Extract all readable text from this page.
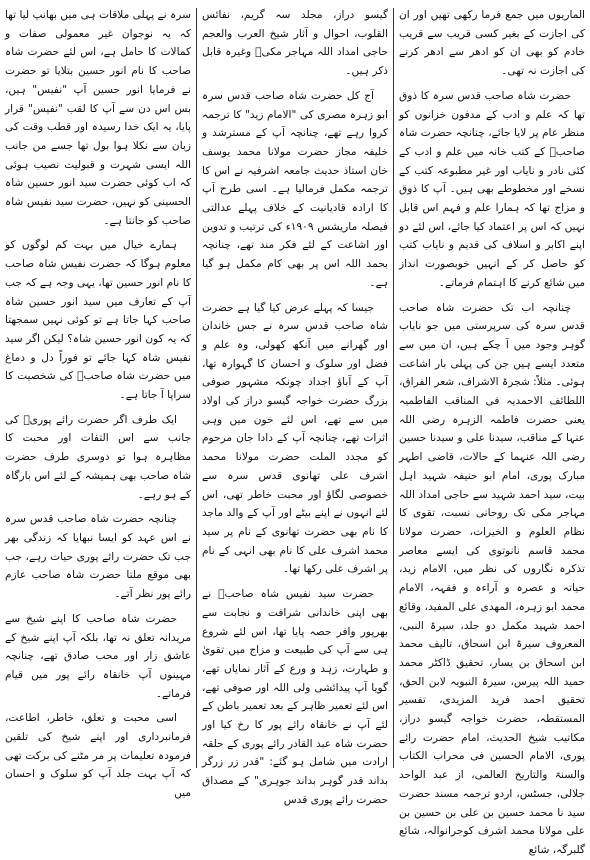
الماریوں میں جمع فرما رکھی تھیں اور ان کی اجازت کے بغیر کسی قریب سے قریب خادم کو بھی ان کو ادھر سے ادھر کرنے کی اجازت نہ تھی۔

حضرت شاہ صاحب قدس سرہ کا ذوق تھا کہ علم و ادب کے مدفون خزانوں کو منظر عام پر لایا جائے، چنانچہ حضرت شاہ صاحبؒ کے کتب خانہ میں علم و ادب کے کئی نادر و نایاب اور غیر مطبوعہ کتب کے نسخے اور مخطوطے بھی ہیں۔ آپ کا ذوق و مزاج تھا کہ ہمارا علم و فہم اس قابل نہیں کہ اس پر اعتماد کیا جائے، اس لئے دو اپنے اکابر و اسلاف کی قدیم و نایاب کتب کو حاصل کر کے انہیں خوبصورت انداز میں شائع کرنے کا اہتمام فرماتے۔

چنانچہ اب تک حضرت شاہ صاحب قدس سرہ کی سرپرستی میں جو نایاب گوہر وجود میں آ چکے ہیں، ان میں سے متعدد ایسے ہیں جن کی پہلی بار اشاعت ہوئی۔ مثلاً: شجرۃ الاشراف، شعر الفراق، اللطائف الاحمدیہ فی المناقب الفاطمیہ یعنی حضرت فاطمہ الزہرہ رضی اللہ عنہا کے مناقب، سیدنا علی و سیدنا حسین رضی اللہ عنہما کے حالات، قاضی اطہر مبارک پوری، امام ابو حنیفہ شہید اہل بیت، سید احمد شہید سے حاجی امداد اللہ مہاجر مکی تک روحانی نسبت، تقوی کا نظام العلوم و الخیرات، حضرت مولانا محمد قاسم نانوتوی کی ایسے معاصر تذکرہ نگاروں کی نظر میں، الامام زید، حیاتہ و عصرہ و آراءہ و فقہہ، الامام محمد ابو زہرہ، المهدی علی المفید، وقائع احمد شہید مکمل دو جلد، سیرۃ النبی، المعروف سیرۃ ابن اسحاق، تالیف محمد ابن اسحاق بن یسار، تحقیق ڈاکٹر محمد حمید اللہ پیرس، سیرۃ النبویہ لابن الحق، تحقیق احمد فرید المزیدی، تفسیر المستقطہ، حضرت خواجہ گیسو دراز، مکاتیب شیخ الحدیث، امام حضرت رائے پوری، الامام الحسین فی محراب الکتاب والسنۃ والتاریخ العالمی، از عبد الواحد جلالی، جسٹس، اردو ترجمہ مسند حضرت سید نا محمد حسین بن علی بن حسین بن علی مولانا محمد اشرف کوجرانوالہ، شائع گلبرگہ، شائع

گیسو دراز، مجلد سہ گریم، نفائس القلوب، احوال و آثار شیخ العرب والعجم حاجی امداد اللہ مہاجر مکیؒ وغیرہ قابل ذکر ہیں۔

آج کل حضرت شاہ صاحب قدس سرہ ابو زہرہ مصری کی "الامام زید" کا ترجمہ کروا رہے تھے، چنانچہ آپ کے مسترشد و خلیفہ مجاز حضرت مولانا محمد یوسف خان استاذ حدیث جامعہ اشرفیہ نے اس کا ترجمہ مکمل فرمالیا ہے۔ اسی طرح آپ کا ارادہ قادیانیت کے خلاف پہلے عدالتی فیصلہ ماریشس ۱۹۰۹ء کی ترتیب و تدوین اور اشاعت کے لئے فکر مند تھے، چنانچہ بحمد اللہ اس پر بھی کام مکمل ہو گیا ہے۔

جیسا کہ پہلے عرض کیا گیا ہے حضرت شاہ صاحب قدس سرہ نے جس خاندان اور گھرانے میں آنکھ کھولی، وہ علم و فضل اور سلوک و احسان کا گہوارہ تھا، آپ کے آباؤ اجداد چونکہ مشہور صوفی بزرگ حضرت خواجہ گیسو دراز کی اولاد میں سے تھے، اس لئے خون میں وہی اثرات تھے، چنانچہ آپ کے دادا جان مرحوم کو مجدد الملت حضرت مولانا محمد اشرف علی تھانوی قدس سرہ سے خصوصی لگاؤ اور محبت خاطر تھی، اس لئے انہوں نے اپنے بیٹے اور آپ کے والد ماجد کا نام بھی حضرت تھانوی کے نام پر سید محمد اشرف علی کا نام بھی انہی کے نام پر اشرف علی رکھا تھا۔

حضرت سید نفیس شاہ صاحبؒ نے بھی اپنی خاندانی شرافت و نجابت سے بھرپور وافر حصہ پایا تھا، اس لئے شروع ہی سے آپ کی طبیعت و مزاج میں تقویٰ و طہارت، زہد و ورع کے آثار نمایاں تھے، گویا آپ پیدائشی ولی اللہ اور صوفی تھے، اس لئے تعمیر ظاہر کے بعد تعمیر باطن کے لئے آپ نے خانقاہ رائے پور کا رخ کیا اور حضرت شاہ عبد القادر رائے پوری کے حلقہ ارادت میں شامل ہو گئے: "قدر زر زرگر بداند قدر گوہر بداند جوہری" کے مصداق حضرت رائے پوری قدس

سرہ نے پہلی ملاقات ہی میں بھانپ لیا تھا کہ یہ نوجوان غیر معمولی صفات و کمالات کا حامل ہے، اس لئے حضرت شاہ صاحب کا نام انور حسین بتلایا تو حضرت نے فرمایا انور حسین آپ "نفیس" ہیں، بس اس دن سے آپ کا لقب "نفیس" قرار پایا، یہ ایک خدا رسیدہ اور قطب وقت کی زبان سے نکلا ہوا بول تھا جسے من جانب اللہ ایسی شہرت و قبولیت نصیب ہوئی کہ اب کوئی حضرت سید انور حسین شاہ الحسینی کو نہیں، حضرت سید نفیس شاہ صاحب کو جانتا ہے۔

ہمارے خیال میں بہت کم لوگوں کو معلوم ہوگا کہ حضرت نفیس شاہ صاحب کا نام انور حسین تھا، یہی وجہ ہے کہ جب آپ کے تعارف میں سید انور حسین شاہ صاحب کہا جاتا ہے تو کوئی نہیں سمجھتا کہ یہ کون انور حسین شاہ؟ لیکن اگر سید نفیس شاہ کہا جائے تو فوراً دل و دماغ میں حضرت شاہ صاحبؒ کی شخصیت کا سراپا آ جاتا ہے۔

ایک طرف اگر حضرت رائے پوریؒ کی جانب سے اس التفات اور محبت کا مظاہرہ ہوا تو دوسری طرف حضرت شاہ صاحب بھی ہمیشہ کے لئے اس بارگاہ کے ہو رہے۔

چنانچہ حضرت شاہ صاحب قدس سرہ نے اس عہد کو ایسا نبھایا کہ زندگی بھر جب تک حضرت رائے پوری حیات رہے، جب بھی موقع ملتا حضرت شاہ صاحب عازم رائے پور نظر آتے۔

حضرت شاہ صاحب کا اپنے شیخ سے مریدانہ تعلق نہ تھا، بلکہ آپ اپنے شیخ کے عاشق زار اور محب صادق تھے، چنانچہ مہینوں آپ خانقاہ رائے پور میں قیام فرماتے۔

اسی محبت و تعلق، خاطر، اطاعت، فرمانبرداری اور اپنے شیخ کی تلقین فرمودہ تعلیمات پر مر مٹنے کی برکت تھی کہ آپ بہت جلد آپ کو سلوک و احسان میں
